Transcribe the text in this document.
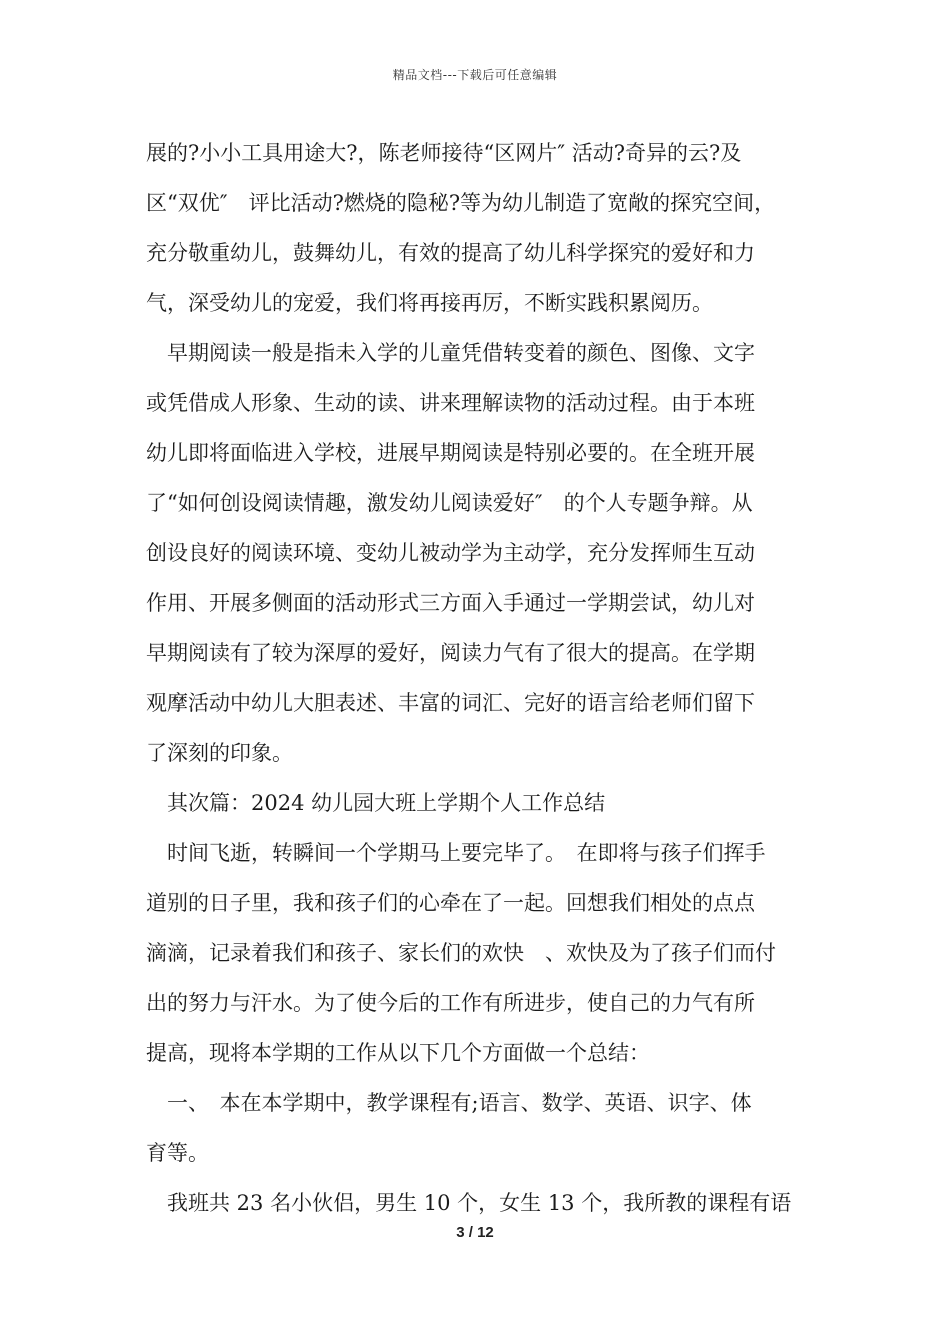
精品文档---下载后可任意编辑
展的?小小工具用途大?，陈老师接待“区网片″ 活动?奇异的云?及
区“双优″　评比活动?燃烧的隐秘?等为幼儿制造了宽敞的探究空间，
充分敬重幼儿，鼓舞幼儿，有效的提高了幼儿科学探究的爱好和力
气，深受幼儿的宠爱，我们将再接再厉，不断实践积累阅历。
　早期阅读一般是指未入学的儿童凭借转变着的颜色、图像、文字
或凭借成人形象、生动的读、讲来理解读物的活动过程。由于本班
幼儿即将面临进入学校，进展早期阅读是特别必要的。在全班开展
了“如何创设阅读情趣，激发幼儿阅读爱好″　的个人专题争辩。从
创设良好的阅读环境、变幼儿被动学为主动学，充分发挥师生互动
作用、开展多侧面的活动形式三方面入手通过一学期尝试，幼儿对
早期阅读有了较为深厚的爱好，阅读力气有了很大的提高。在学期
观摩活动中幼儿大胆表述、丰富的词汇、完好的语言给老师们留下
了深刻的印象。
　其次篇：2024 幼儿园大班上学期个人工作总结
　时间飞逝，转瞬间一个学期马上要完毕了。　在即将与孩子们挥手
道别的日子里，我和孩子们的心牵在了一起。回想我们相处的点点
滴滴，记录着我们和孩子、家长们的欢快　、欢快及为了孩子们而付
出的努力与汗水。为了使今后的工作有所进步，使自己的力气有所
提高，现将本学期的工作从以下几个方面做一个总结：
　一、　本在本学期中，教学课程有;语言、数学、英语、识字、体
育等。
　我班共 23 名小伙侣，男生 10 个，女生 13 个，我所教的课程有语
3 / 12
